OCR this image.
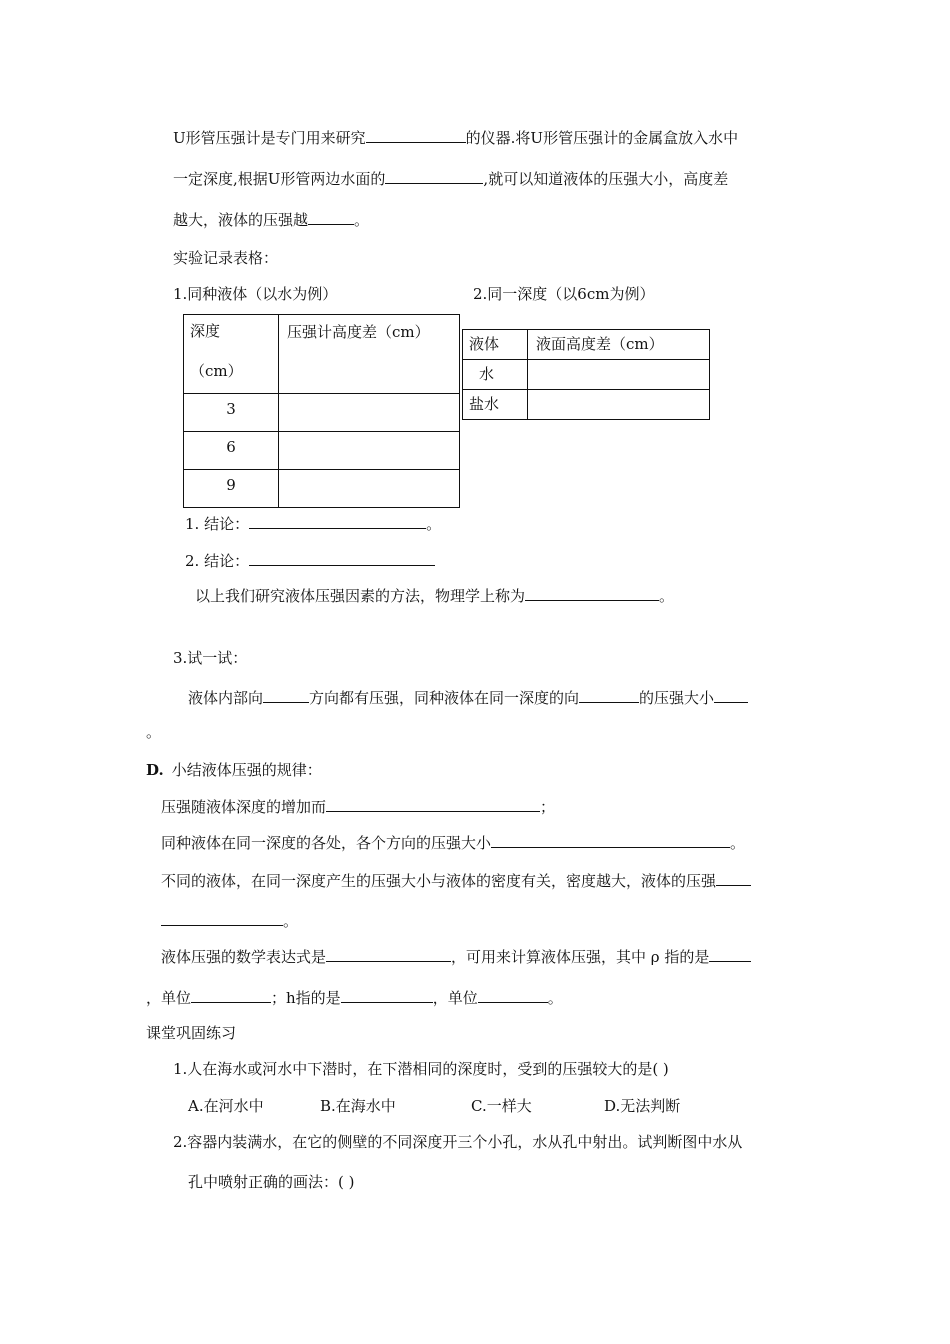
U形管压强计是专门用来研究	的仪器.将U形管压强计的金属盒放入水中
一定深度,根据U形管两边水面的	,就可以知道液体的压强大小，高度差
越大，液体的压强越	。
实验记录表格：
1.同种液体（以水为例）	2.同一深度（以6cm为例）
深度
（cm）	压强计高度差（cm）
3	
6	
9	
液体	液面高度差（cm）
水	
盐水	
1. 结论：	。
2. 结论：
以上我们研究液体压强因素的方法，物理学上称为	。
3.试一试：
液体内部向	方向都有压强，同种液体在同一深度的向	的压强大小
。
D. 小结液体压强的规律：
压强随液体深度的增加而	；
同种液体在同一深度的各处，各个方向的压强大小	。
不同的液体，在同一深度产生的压强大小与液体的密度有关，密度越大，液体的压强
。
液体压强的数学表达式是	，可用来计算液体压强，其中 ρ 指的是
，单位	；h指的是	，单位	。
课堂巩固练习
1.人在海水或河水中下潜时，在下潜相同的深度时，受到的压强较大的是( )
A.在河水中	B.在海水中	C.一样大	D.无法判断
2.容器内装满水，在它的侧壁的不同深度开三个小孔，水从孔中射出。试判断图中水从
孔中喷射正确的画法：( )
